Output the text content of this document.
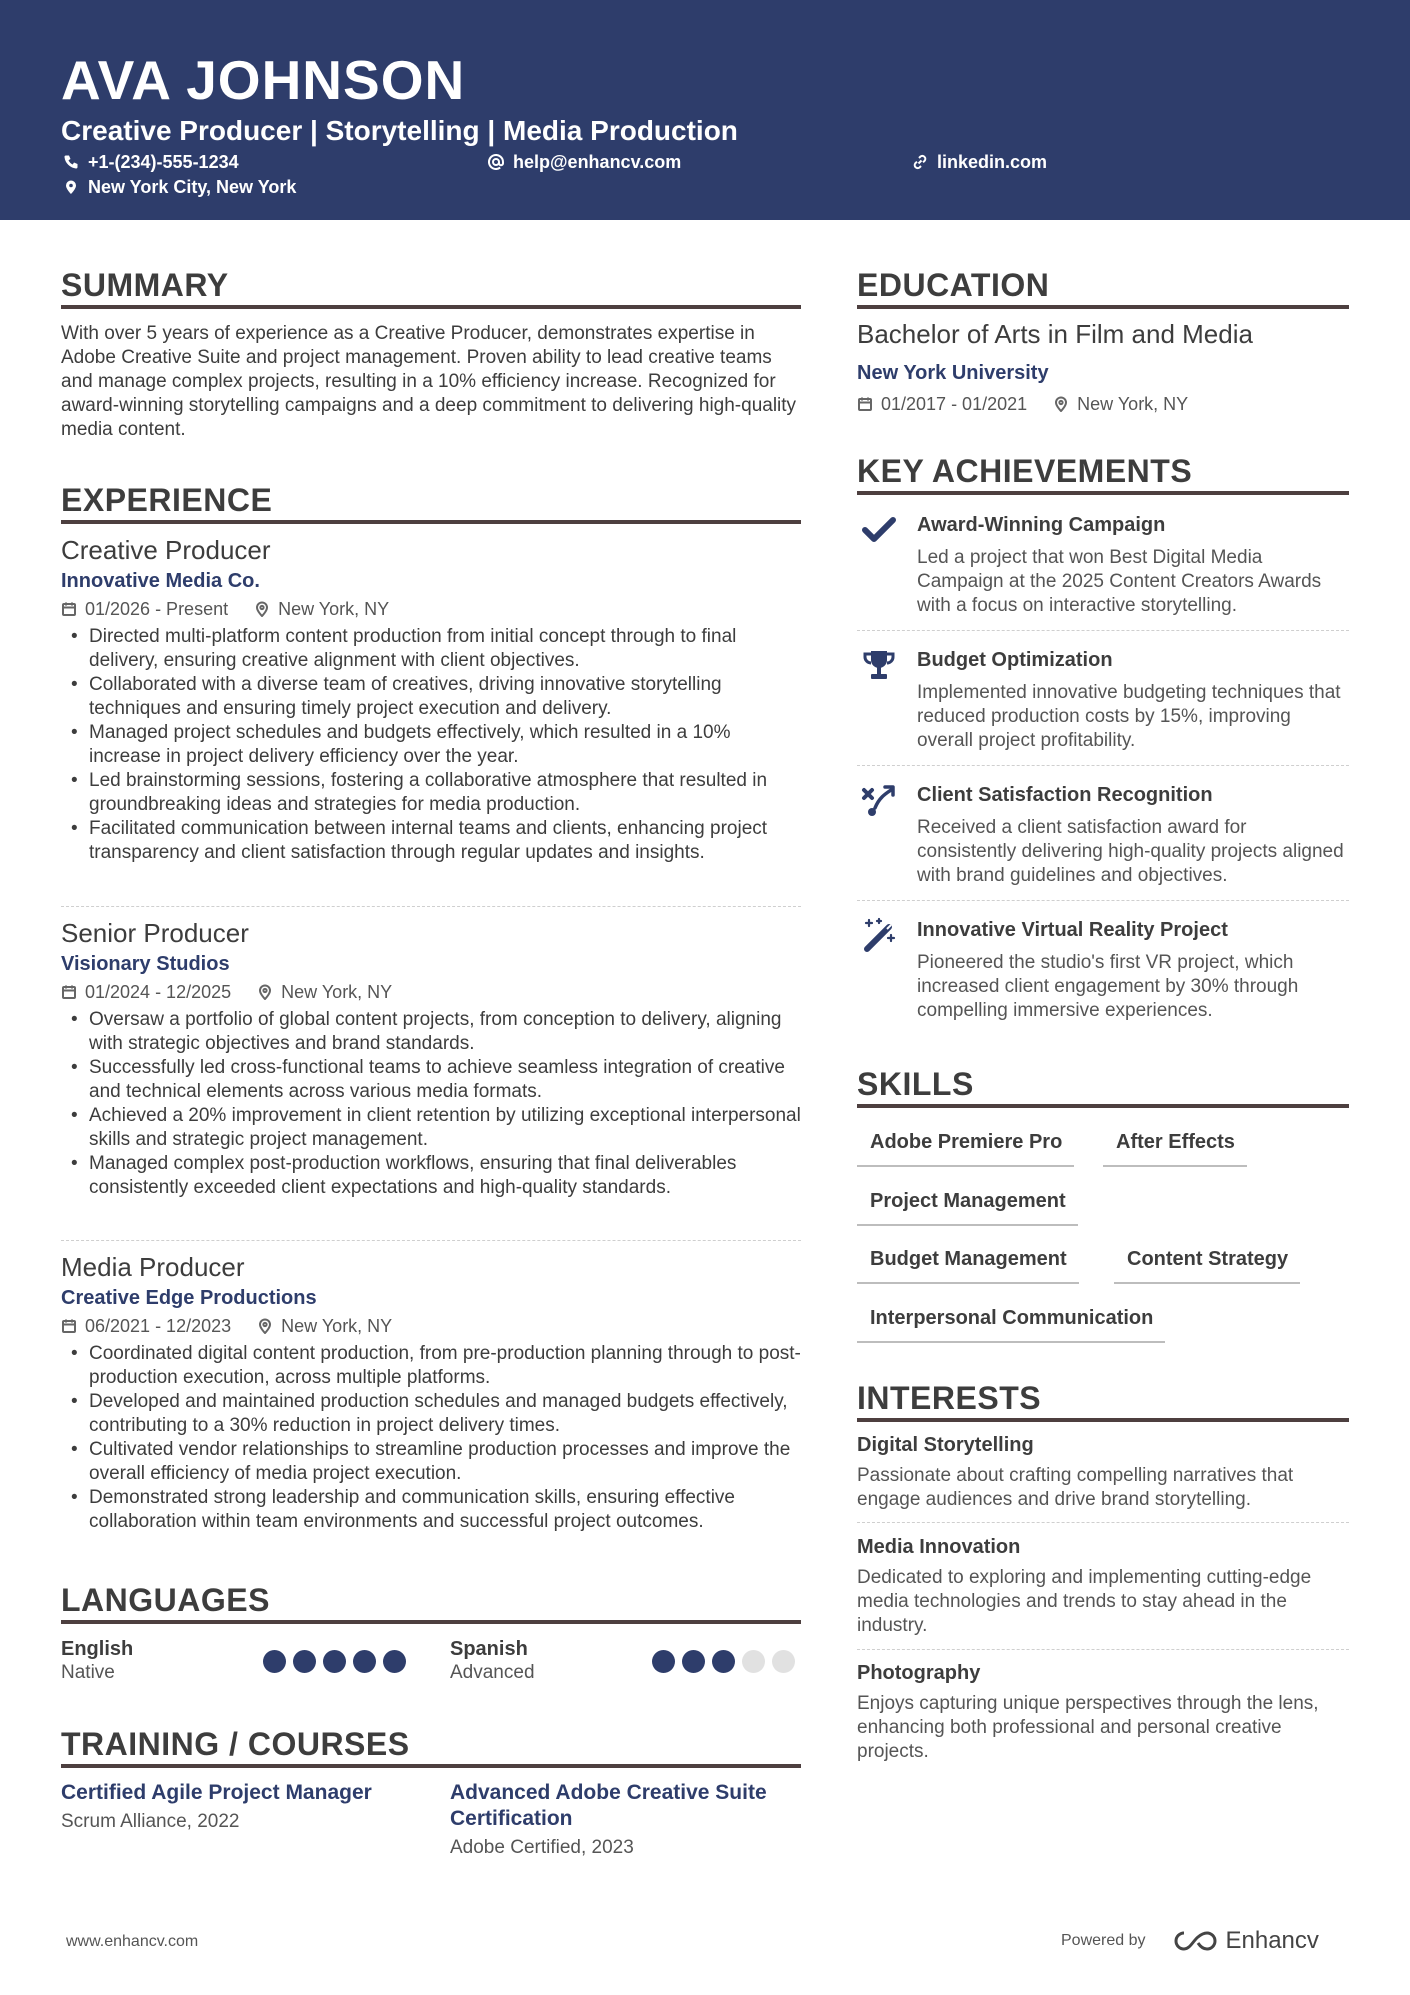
AVA JOHNSON
Creative Producer | Storytelling | Media Production
+1-(234)-555-1234	help@enhancv.com	linkedin.com
New York City, New York
SUMMARY
With over 5 years of experience as a Creative Producer, demonstrates expertise in Adobe Creative Suite and project management. Proven ability to lead creative teams and manage complex projects, resulting in a 10% efficiency increase. Recognized for award-winning storytelling campaigns and a deep commitment to delivering high-quality media content.
EXPERIENCE
Creative Producer
Innovative Media Co.
01/2026 - Present	New York, NY
• Directed multi-platform content production from initial concept through to final delivery, ensuring creative alignment with client objectives.
• Collaborated with a diverse team of creatives, driving innovative storytelling techniques and ensuring timely project execution and delivery.
• Managed project schedules and budgets effectively, which resulted in a 10% increase in project delivery efficiency over the year.
• Led brainstorming sessions, fostering a collaborative atmosphere that resulted in groundbreaking ideas and strategies for media production.
• Facilitated communication between internal teams and clients, enhancing project transparency and client satisfaction through regular updates and insights.
Senior Producer
Visionary Studios
01/2024 - 12/2025	New York, NY
• Oversaw a portfolio of global content projects, from conception to delivery, aligning with strategic objectives and brand standards.
• Successfully led cross-functional teams to achieve seamless integration of creative and technical elements across various media formats.
• Achieved a 20% improvement in client retention by utilizing exceptional interpersonal skills and strategic project management.
• Managed complex post-production workflows, ensuring that final deliverables consistently exceeded client expectations and high-quality standards.
Media Producer
Creative Edge Productions
06/2021 - 12/2023	New York, NY
• Coordinated digital content production, from pre-production planning through to post-production execution, across multiple platforms.
• Developed and maintained production schedules and managed budgets effectively, contributing to a 30% reduction in project delivery times.
• Cultivated vendor relationships to streamline production processes and improve the overall efficiency of media project execution.
• Demonstrated strong leadership and communication skills, ensuring effective collaboration within team environments and successful project outcomes.
LANGUAGES
English
Native
Spanish
Advanced
TRAINING / COURSES
Certified Agile Project Manager
Scrum Alliance, 2022
Advanced Adobe Creative Suite Certification
Adobe Certified, 2023
EDUCATION
Bachelor of Arts in Film and Media
New York University
01/2017 - 01/2021	New York, NY
KEY ACHIEVEMENTS
Award-Winning Campaign
Led a project that won Best Digital Media Campaign at the 2025 Content Creators Awards with a focus on interactive storytelling.
Budget Optimization
Implemented innovative budgeting techniques that reduced production costs by 15%, improving overall project profitability.
Client Satisfaction Recognition
Received a client satisfaction award for consistently delivering high-quality projects aligned with brand guidelines and objectives.
Innovative Virtual Reality Project
Pioneered the studio's first VR project, which increased client engagement by 30% through compelling immersive experiences.
SKILLS
Adobe Premiere Pro	After Effects
Project Management
Budget Management	Content Strategy
Interpersonal Communication
INTERESTS
Digital Storytelling
Passionate about crafting compelling narratives that engage audiences and drive brand storytelling.
Media Innovation
Dedicated to exploring and implementing cutting-edge media technologies and trends to stay ahead in the industry.
Photography
Enjoys capturing unique perspectives through the lens, enhancing both professional and personal creative projects.
www.enhancv.com	Powered by	Enhancv
